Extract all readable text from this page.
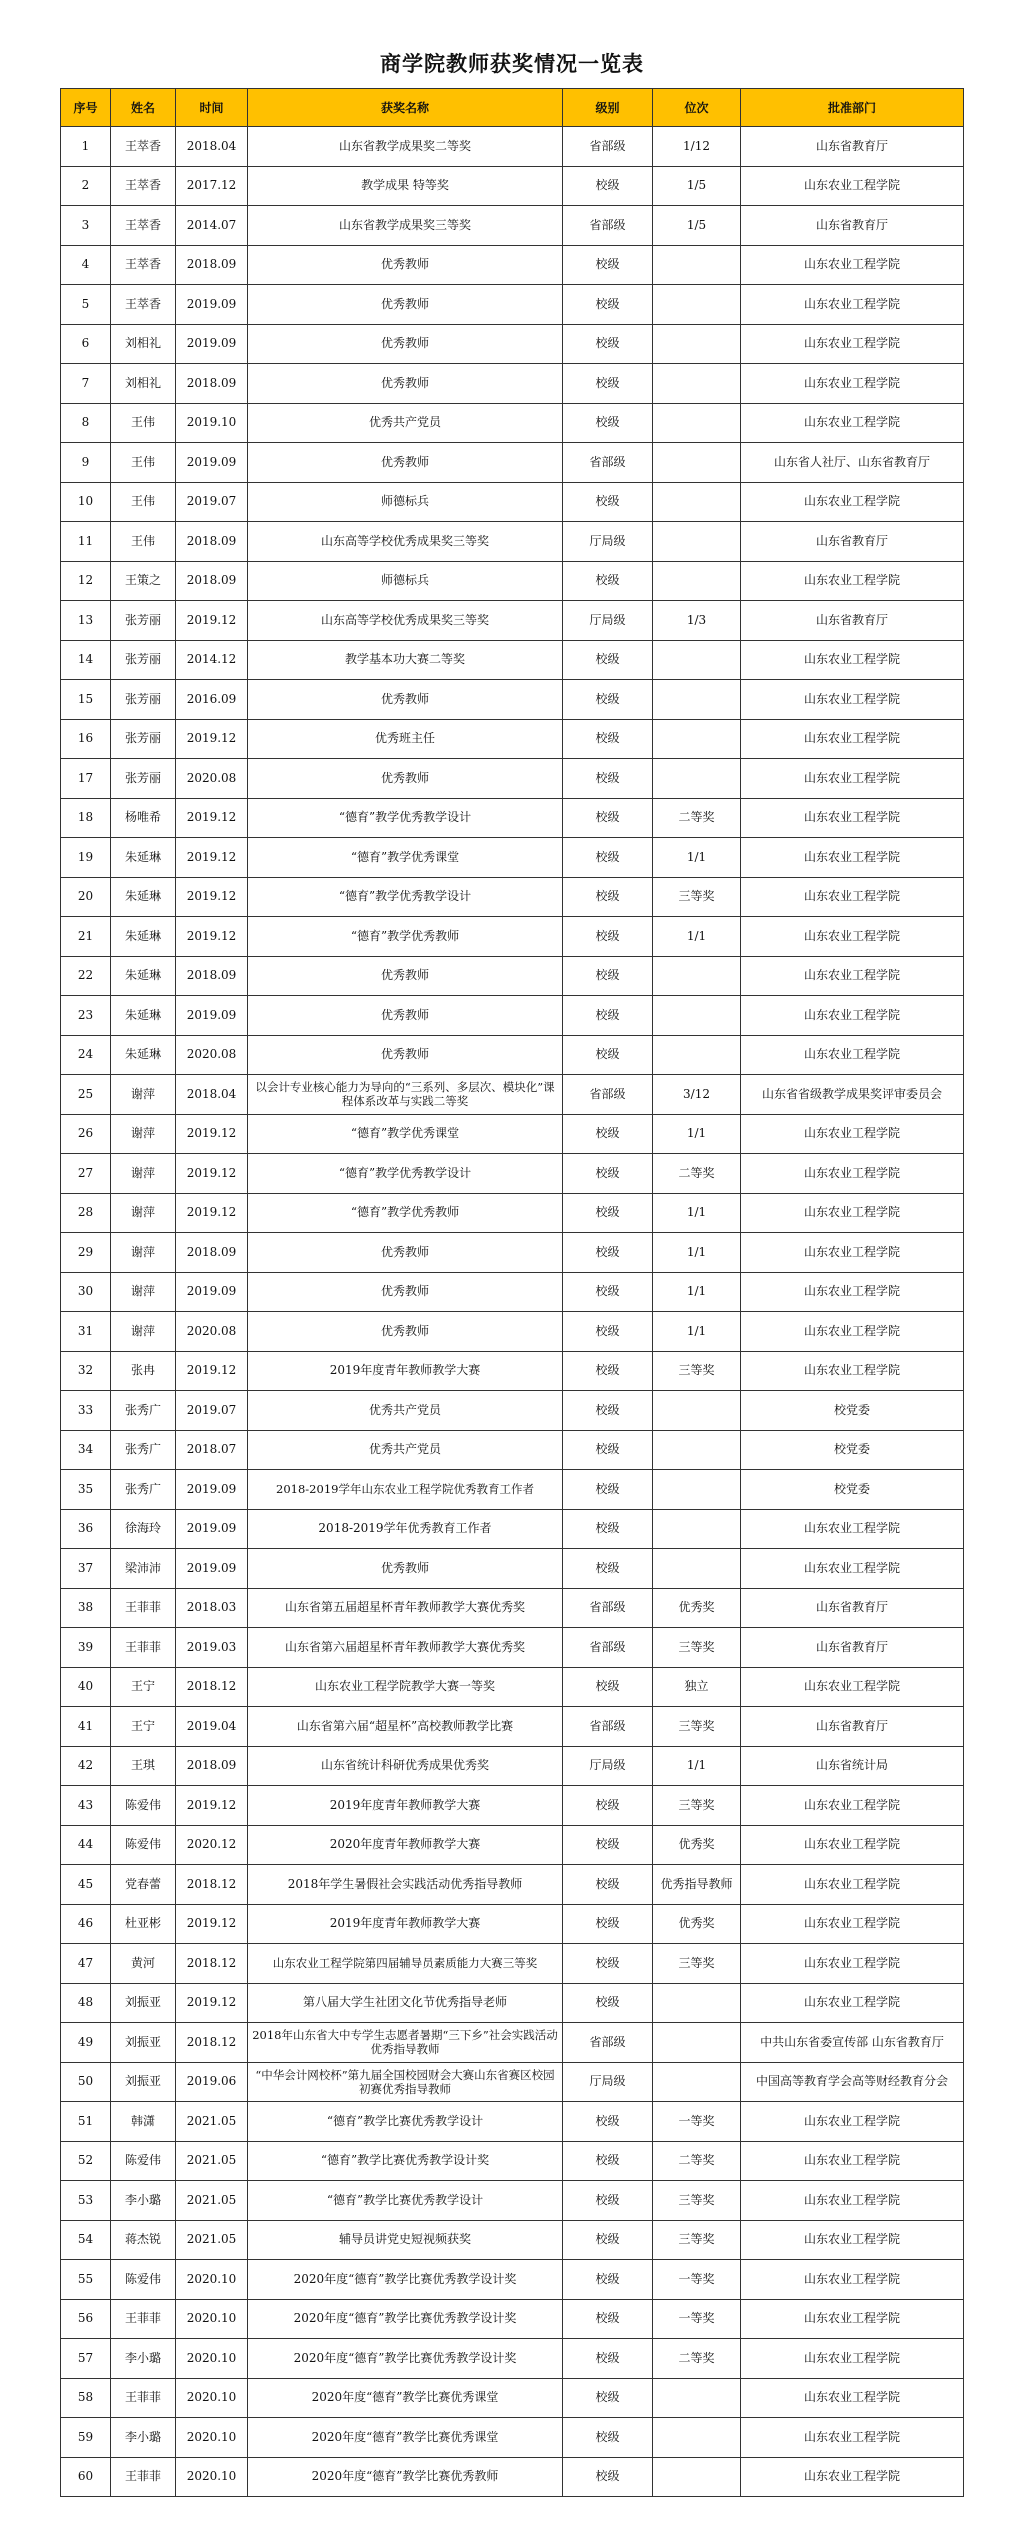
商学院教师获奖情况一览表
序号	姓名	时间	获奖名称	级别	位次	批准部门
1	王萃香	2018.04	山东省教学成果奖二等奖	省部级	1/12	山东省教育厅
2	王萃香	2017.12	教学成果 特等奖	校级	1/5	山东农业工程学院
3	王萃香	2014.07	山东省教学成果奖三等奖	省部级	1/5	山东省教育厅
4	王萃香	2018.09	优秀教师	校级		山东农业工程学院
5	王萃香	2019.09	优秀教师	校级		山东农业工程学院
6	刘相礼	2019.09	优秀教师	校级		山东农业工程学院
7	刘相礼	2018.09	优秀教师	校级		山东农业工程学院
8	王伟	2019.10	优秀共产党员	校级		山东农业工程学院
9	王伟	2019.09	优秀教师	省部级		山东省人社厅、山东省教育厅
10	王伟	2019.07	师德标兵	校级		山东农业工程学院
11	王伟	2018.09	山东高等学校优秀成果奖三等奖	厅局级		山东省教育厅
12	王策之	2018.09	师德标兵	校级		山东农业工程学院
13	张芳丽	2019.12	山东高等学校优秀成果奖三等奖	厅局级	1/3	山东省教育厅
14	张芳丽	2014.12	教学基本功大赛二等奖	校级		山东农业工程学院
15	张芳丽	2016.09	优秀教师	校级		山东农业工程学院
16	张芳丽	2019.12	优秀班主任	校级		山东农业工程学院
17	张芳丽	2020.08	优秀教师	校级		山东农业工程学院
18	杨唯希	2019.12	“德育”教学优秀教学设计	校级	二等奖	山东农业工程学院
19	朱延琳	2019.12	“德育”教学优秀课堂	校级	1/1	山东农业工程学院
20	朱延琳	2019.12	“德育”教学优秀教学设计	校级	三等奖	山东农业工程学院
21	朱延琳	2019.12	“德育”教学优秀教师	校级	1/1	山东农业工程学院
22	朱延琳	2018.09	优秀教师	校级		山东农业工程学院
23	朱延琳	2019.09	优秀教师	校级		山东农业工程学院
24	朱延琳	2020.08	优秀教师	校级		山东农业工程学院
25	谢萍	2018.04	以会计专业核心能力为导向的“三系列、多层次、模块化”课程体系改革与实践二等奖	省部级	3/12	山东省省级教学成果奖评审委员会
26	谢萍	2019.12	“德育”教学优秀课堂	校级	1/1	山东农业工程学院
27	谢萍	2019.12	“德育”教学优秀教学设计	校级	二等奖	山东农业工程学院
28	谢萍	2019.12	“德育”教学优秀教师	校级	1/1	山东农业工程学院
29	谢萍	2018.09	优秀教师	校级	1/1	山东农业工程学院
30	谢萍	2019.09	优秀教师	校级	1/1	山东农业工程学院
31	谢萍	2020.08	优秀教师	校级	1/1	山东农业工程学院
32	张冉	2019.12	2019年度青年教师教学大赛	校级	三等奖	山东农业工程学院
33	张秀广	2019.07	优秀共产党员	校级		校党委
34	张秀广	2018.07	优秀共产党员	校级		校党委
35	张秀广	2019.09	2018-2019学年山东农业工程学院优秀教育工作者	校级		校党委
36	徐海玲	2019.09	2018-2019学年优秀教育工作者	校级		山东农业工程学院
37	梁沛沛	2019.09	优秀教师	校级		山东农业工程学院
38	王菲菲	2018.03	山东省第五届超星杯青年教师教学大赛优秀奖	省部级	优秀奖	山东省教育厅
39	王菲菲	2019.03	山东省第六届超星杯青年教师教学大赛优秀奖	省部级	三等奖	山东省教育厅
40	王宁	2018.12	山东农业工程学院教学大赛一等奖	校级	独立	山东农业工程学院
41	王宁	2019.04	山东省第六届“超星杯”高校教师教学比赛	省部级	三等奖	山东省教育厅
42	王琪	2018.09	山东省统计科研优秀成果优秀奖	厅局级	1/1	山东省统计局
43	陈爱伟	2019.12	2019年度青年教师教学大赛	校级	三等奖	山东农业工程学院
44	陈爱伟	2020.12	2020年度青年教师教学大赛	校级	优秀奖	山东农业工程学院
45	党春蕾	2018.12	2018年学生暑假社会实践活动优秀指导教师	校级	优秀指导教师	山东农业工程学院
46	杜亚彬	2019.12	2019年度青年教师教学大赛	校级	优秀奖	山东农业工程学院
47	黄河	2018.12	山东农业工程学院第四届辅导员素质能力大赛三等奖	校级	三等奖	山东农业工程学院
48	刘振亚	2019.12	第八届大学生社团文化节优秀指导老师	校级		山东农业工程学院
49	刘振亚	2018.12	2018年山东省大中专学生志愿者暑期“三下乡”社会实践活动优秀指导教师	省部级		中共山东省委宣传部 山东省教育厅
50	刘振亚	2019.06	“中华会计网校杯”第九届全国校园财会大赛山东省赛区校园初赛优秀指导教师	厅局级		中国高等教育学会高等财经教育分会
51	韩潇	2021.05	“德育”教学比赛优秀教学设计	校级	一等奖	山东农业工程学院
52	陈爱伟	2021.05	“德育”教学比赛优秀教学设计奖	校级	二等奖	山东农业工程学院
53	李小璐	2021.05	“德育”教学比赛优秀教学设计	校级	三等奖	山东农业工程学院
54	蒋杰锐	2021.05	辅导员讲党史短视频获奖	校级	三等奖	山东农业工程学院
55	陈爱伟	2020.10	2020年度“德育”教学比赛优秀教学设计奖	校级	一等奖	山东农业工程学院
56	王菲菲	2020.10	2020年度“德育”教学比赛优秀教学设计奖	校级	一等奖	山东农业工程学院
57	李小璐	2020.10	2020年度“德育”教学比赛优秀教学设计奖	校级	二等奖	山东农业工程学院
58	王菲菲	2020.10	2020年度“德育”教学比赛优秀课堂	校级		山东农业工程学院
59	李小璐	2020.10	2020年度“德育”教学比赛优秀课堂	校级		山东农业工程学院
60	王菲菲	2020.10	2020年度“德育”教学比赛优秀教师	校级		山东农业工程学院
